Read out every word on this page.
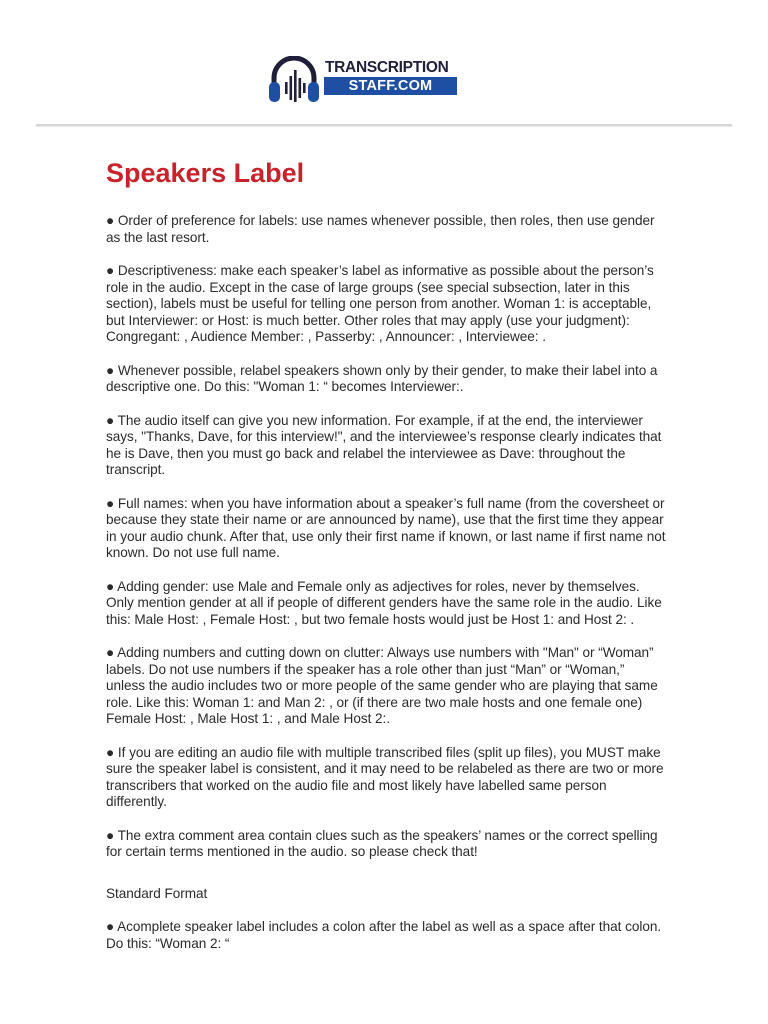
TRANSCRIPTION
STAFF.COM
Speakers Label

● Order of preference for labels: use names whenever possible, then roles, then use gender as the last resort.

● Descriptiveness: make each speaker’s label as informative as possible about the person’s role in the audio. Except in the case of large groups (see special subsection, later in this section), labels must be useful for telling one person from another. Woman 1: is acceptable, but Interviewer: or Host: is much better. Other roles that may apply (use your judgment): Congregant: , Audience Member: , Passerby: , Announcer: , Interviewee: .

● Whenever possible, relabel speakers shown only by their gender, to make their label into a descriptive one. Do this: "Woman 1: “ becomes Interviewer:.

● The audio itself can give you new information. For example, if at the end, the interviewer says, "Thanks, Dave, for this interview!", and the interviewee’s response clearly indicates that he is Dave, then you must go back and relabel the interviewee as Dave: throughout the transcript.

● Full names: when you have information about a speaker’s full name (from the coversheet or because they state their name or are announced by name), use that the first time they appear in your audio chunk. After that, use only their first name if known, or last name if first name not known. Do not use full name.

● Adding gender: use Male and Female only as adjectives for roles, never by themselves. Only mention gender at all if people of different genders have the same role in the audio. Like this: Male Host: , Female Host: , but two female hosts would just be Host 1: and Host 2: .

● Adding numbers and cutting down on clutter: Always use numbers with "Man" or “Woman” labels. Do not use numbers if the speaker has a role other than just “Man” or “Woman,” unless the audio includes two or more people of the same gender who are playing that same role. Like this: Woman 1: and Man 2: , or (if there are two male hosts and one female one) Female Host: , Male Host 1: , and Male Host 2:.

● If you are editing an audio file with multiple transcribed files (split up files), you MUST make sure the speaker label is consistent, and it may need to be relabeled as there are two or more transcribers that worked on the audio file and most likely have labelled same person differently.

● The extra comment area contain clues such as the speakers’ names or the correct spelling for certain terms mentioned in the audio. so please check that!

Standard Format

● Acomplete speaker label includes a colon after the label as well as a space after that colon. Do this: “Woman 2: “
